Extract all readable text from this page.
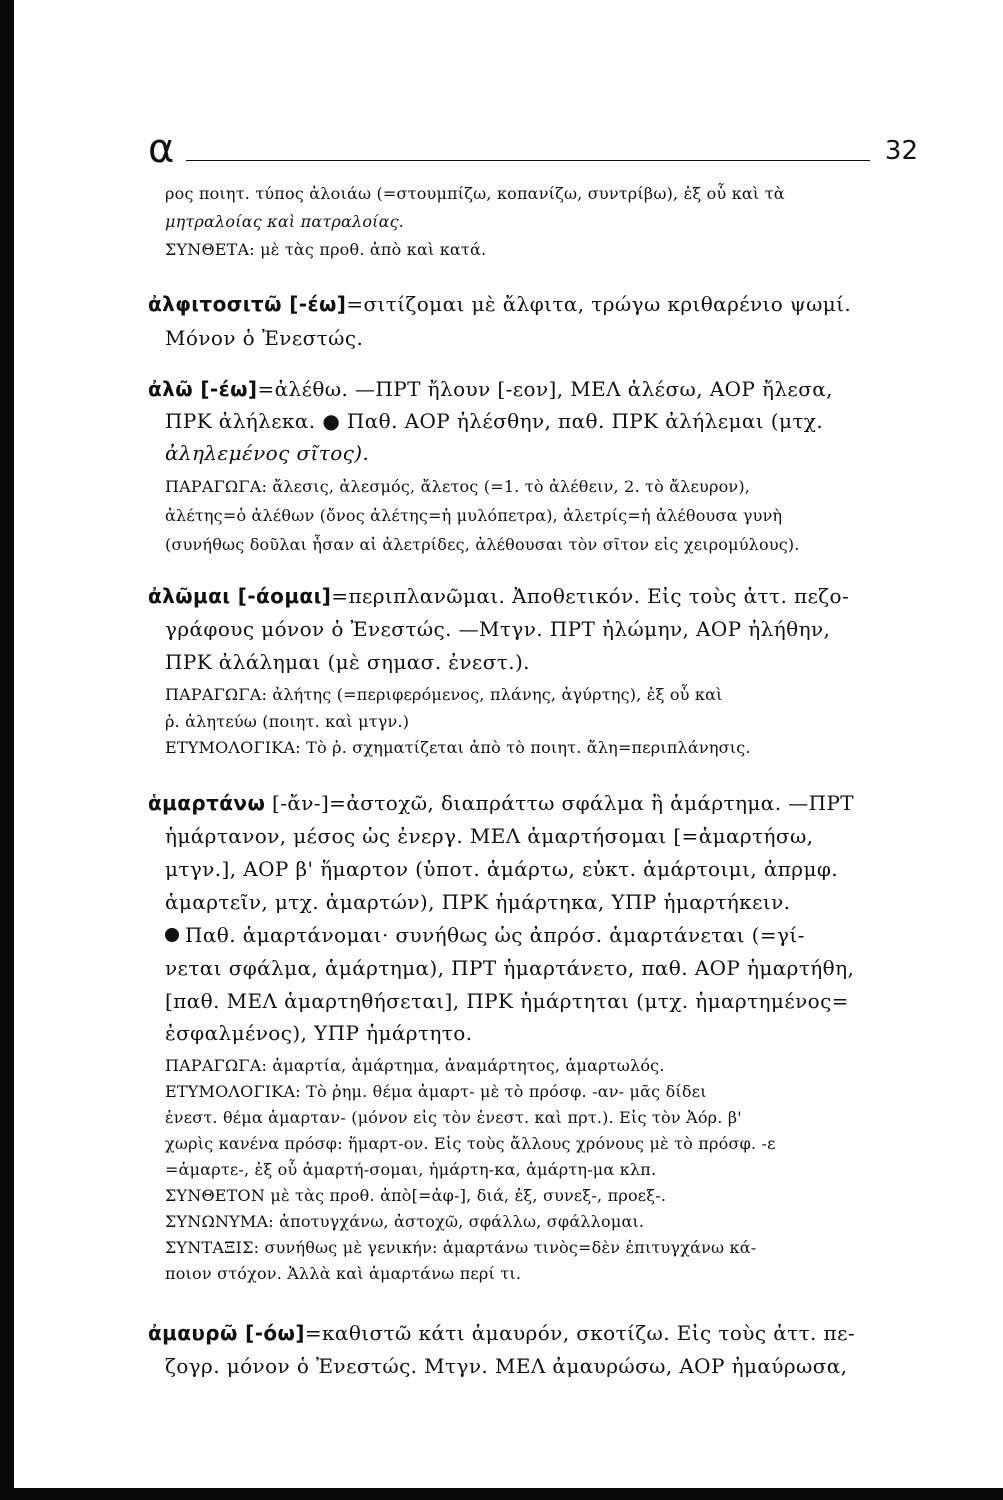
α	32
ρος ποιητ. τύπος ἀλοιάω (=στουμπίζω, κοπανίζω, συντρίβω), ἐξ οὗ καὶ τὰ
μητραλοίας καὶ πατραλοίας.
ΣΥΝΘΕΤΑ: μὲ τὰς προθ. ἀπὸ καὶ κατά.
ἀλφιτοσιτῶ [-έω]=σιτίζομαι μὲ ἄλφιτα, τρώγω κριθαρένιο ψωμί.
Μόνον ὁ Ἐνεστώς.
ἀλῶ [-έω]=ἀλέθω. —ΠΡΤ ἤλουν [-εον], ΜΕΛ ἀλέσω, ΑΟΡ ἤλεσα,
ΠΡΚ ἀλήλεκα. ● Παθ. ΑΟΡ ἠλέσθην, παθ. ΠΡΚ ἀλήλεμαι (μτχ.
ἀληλεμένος σῖτος).
ΠΑΡΑΓΩΓΑ: ἄλεσις, ἀλεσμός, ἄλετος (=1. τὸ ἀλέθειν, 2. τὸ ἄλευρον),
ἀλέτης=ὁ ἀλέθων (ὄνος ἀλέτης=ἡ μυλόπετρα), ἀλετρίς=ἡ ἀλέθουσα γυνὴ
(συνήθως δοῦλαι ἦσαν αἱ ἀλετρίδες, ἀλέθουσαι τὸν σῖτον εἰς χειρομύλους).
ἀλῶμαι [-άομαι]=περιπλανῶμαι. Ἀποθετικόν. Εἰς τοὺς ἀττ. πεζο-
γράφους μόνον ὁ Ἐνεστώς. —Μτγν. ΠΡΤ ἠλώμην, ΑΟΡ ἠλήθην,
ΠΡΚ ἀλάλημαι (μὲ σημασ. ἐνεστ.).
ΠΑΡΑΓΩΓΑ: ἀλήτης (=περιφερόμενος, πλάνης, ἀγύρτης), ἐξ οὗ καὶ
ῥ. ἀλητεύω (ποιητ. καὶ μτγν.)
ΕΤΥΜΟΛΟΓΙΚΑ: Τὸ ῥ. σχηματίζεται ἀπὸ τὸ ποιητ. ἄλη=περιπλάνησις.
ἁμαρτάνω [-ἄν-]=ἀστοχῶ, διαπράττω σφάλμα ἢ ἁμάρτημα. —ΠΡΤ
ἡμάρτανον, μέσος ὡς ἐνεργ. ΜΕΛ ἁμαρτήσομαι [=ἁμαρτήσω,
μτγν.], ΑΟΡ β' ἥμαρτον (ὑποτ. ἁμάρτω, εὐκτ. ἁμάρτοιμι, ἀπρμφ.
ἁμαρτεῖν, μτχ. ἁμαρτών), ΠΡΚ ἡμάρτηκα, ΥΠΡ ἡμαρτήκειν.
Παθ. ἁμαρτάνομαι· συνήθως ὡς ἀπρόσ. ἁμαρτάνεται (=γί-
νεται σφάλμα, ἁμάρτημα), ΠΡΤ ἡμαρτάνετο, παθ. ΑΟΡ ἡμαρτήθη,
[παθ. ΜΕΛ ἁμαρτηθήσεται], ΠΡΚ ἡμάρτηται (μτχ. ἡμαρτημένος=
ἐσφαλμένος), ΥΠΡ ἡμάρτητο.
ΠΑΡΑΓΩΓΑ: ἁμαρτία, ἁμάρτημα, ἀναμάρτητος, ἁμαρτωλός.
ΕΤΥΜΟΛΟΓΙΚΑ: Τὸ ῥημ. θέμα ἁμαρτ- μὲ τὸ πρόσφ. -αν- μᾶς δίδει
ἐνεστ. θέμα ἁμαρταν- (μόνον εἰς τὸν ἐνεστ. καὶ πρτ.). Εἰς τὸν Ἀόρ. β'
χωρὶς κανένα πρόσφ: ἥμαρτ-ον. Εἰς τοὺς ἄλλους χρόνους μὲ τὸ πρόσφ. -ε
=ἁμαρτε-, ἐξ οὗ ἁμαρτή-σομαι, ἡμάρτη-κα, ἁμάρτη-μα κλπ.
ΣΥΝΘΕΤΟΝ μὲ τὰς προθ. ἀπὸ[=ἀφ-], διά, ἐξ, συνεξ-, προεξ-.
ΣΥΝΩΝΥΜΑ: ἀποτυγχάνω, ἀστοχῶ, σφάλλω, σφάλλομαι.
ΣΥΝΤΑΞΙΣ: συνήθως μὲ γενικήν: ἁμαρτάνω τινὸς=δὲν ἐπιτυγχάνω κά-
ποιον στόχον. Ἀλλὰ καὶ ἁμαρτάνω περί τι.
ἀμαυρῶ [-όω]=καθιστῶ κάτι ἀμαυρόν, σκοτίζω. Εἰς τοὺς ἀττ. πε-
ζογρ. μόνον ὁ Ἐνεστώς. Μτγν. ΜΕΛ ἀμαυρώσω, ΑΟΡ ἠμαύρωσα,
